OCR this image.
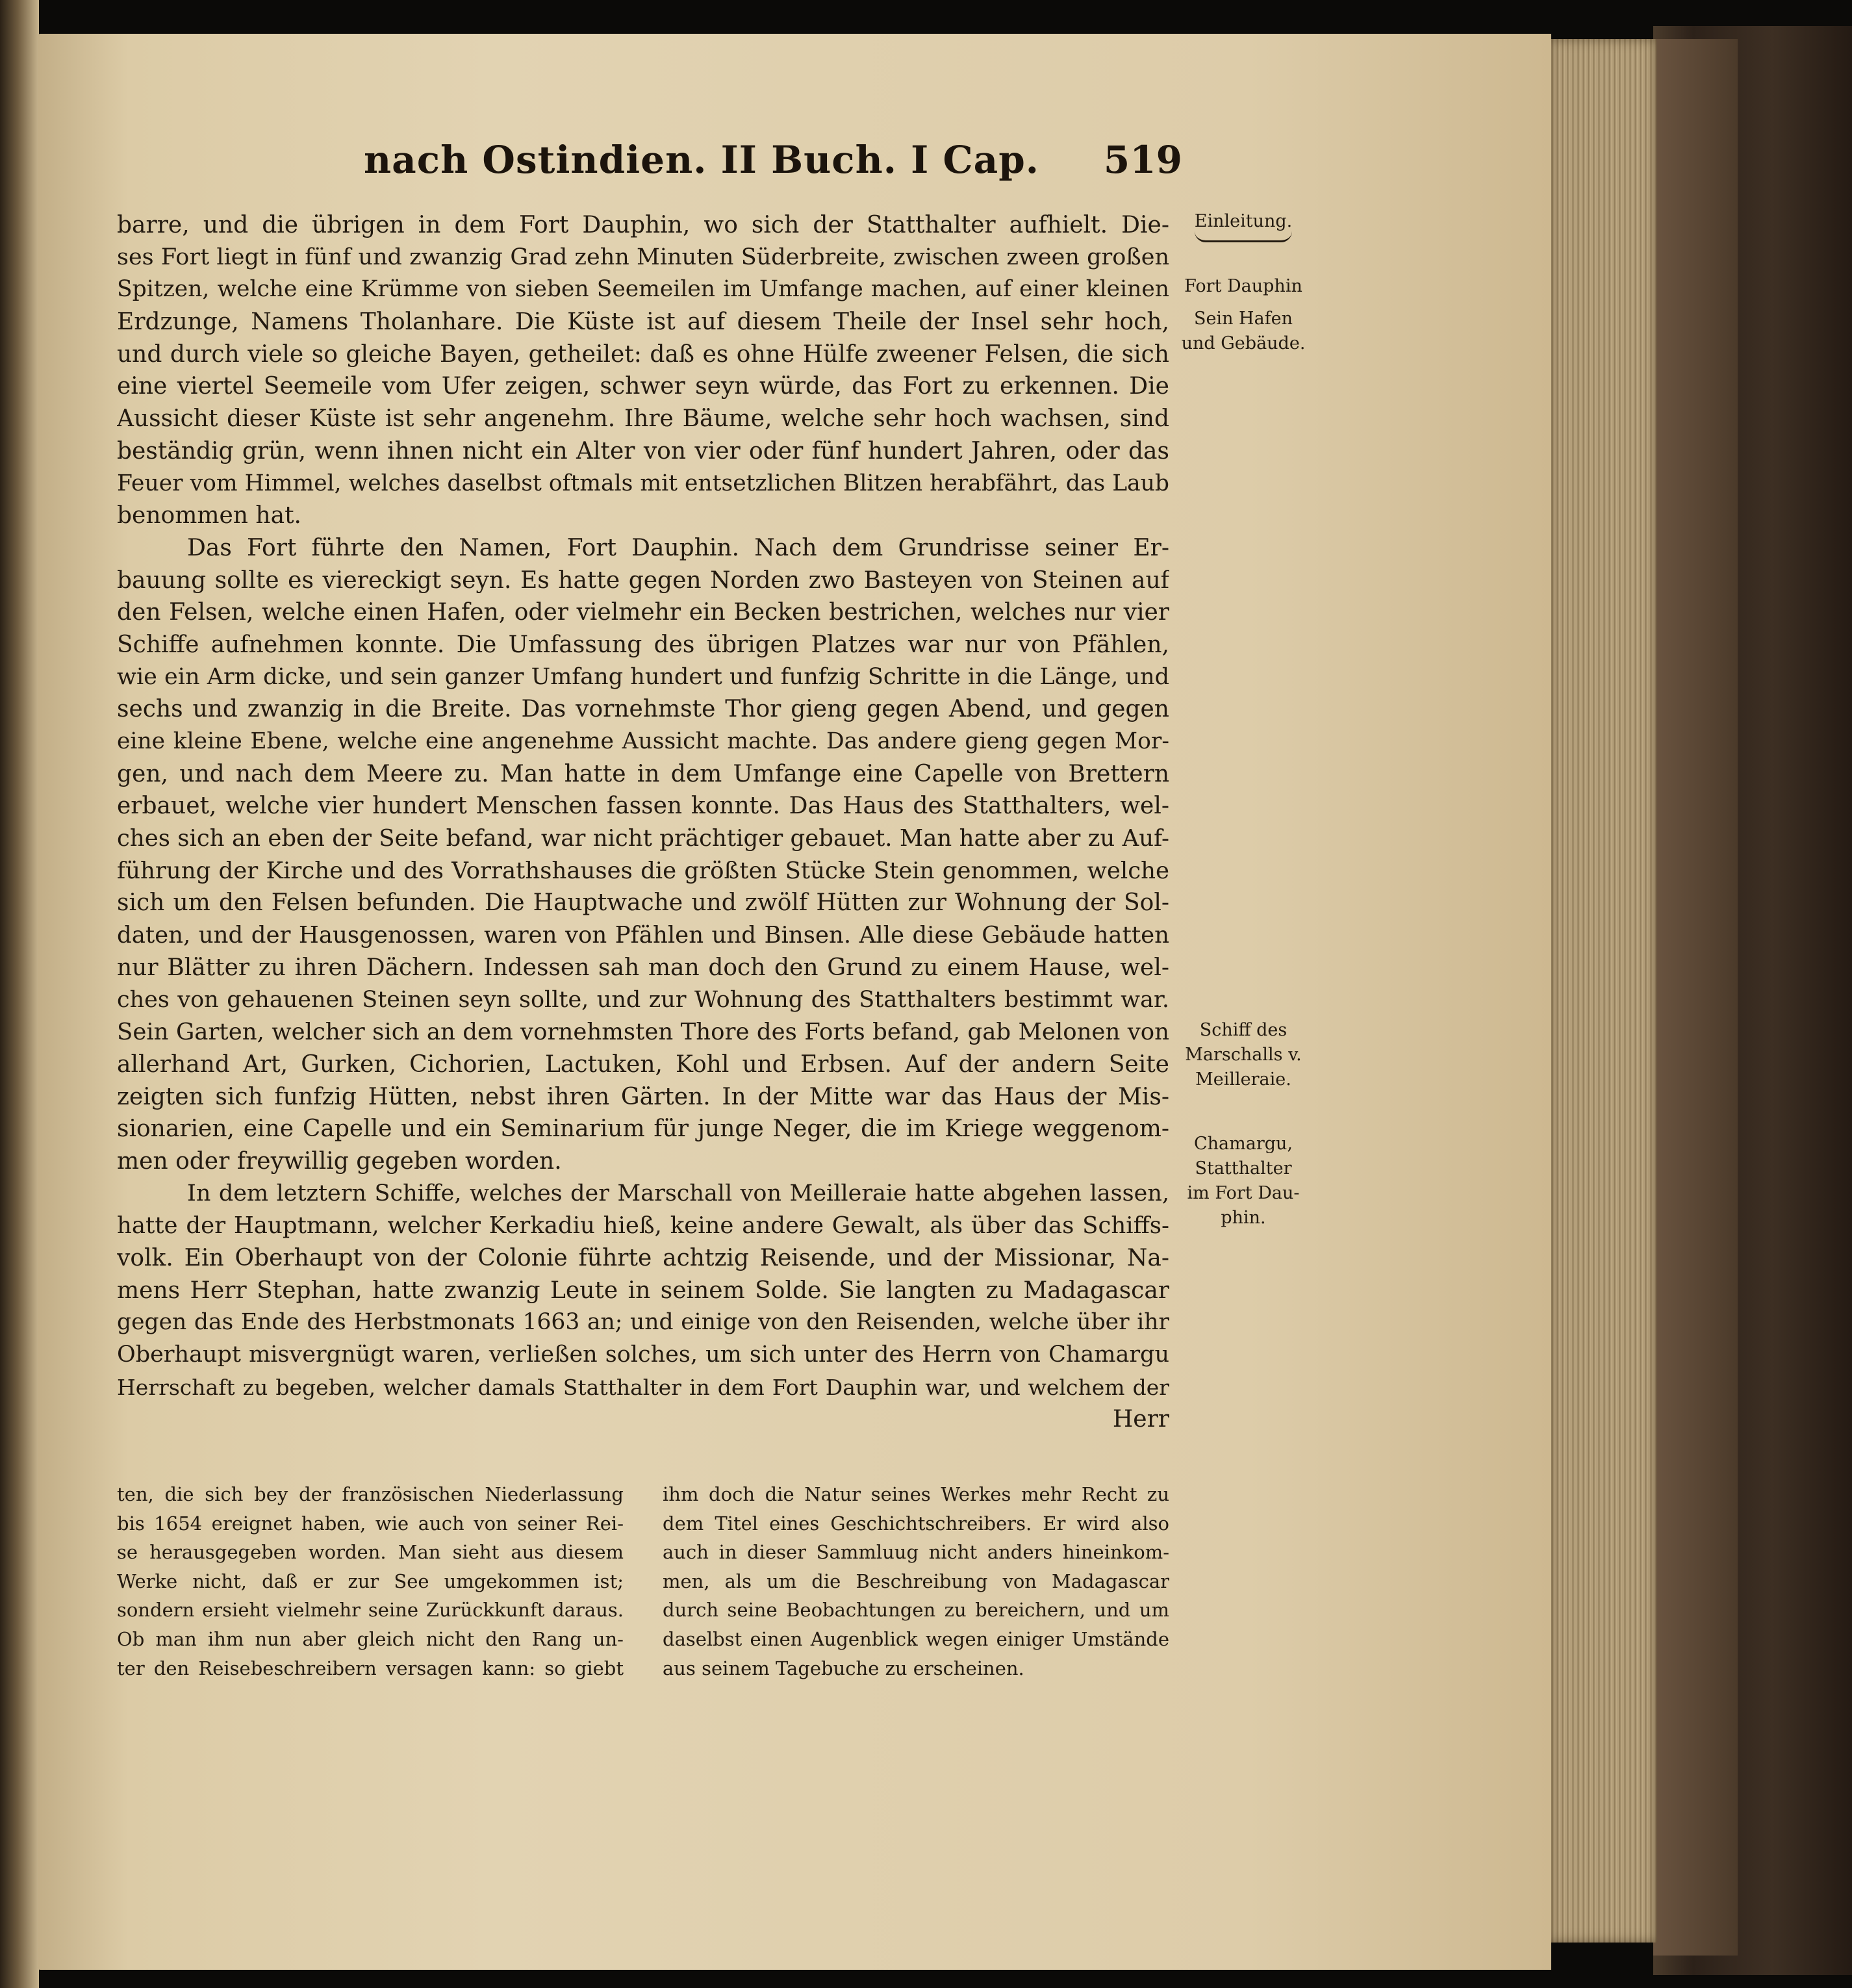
nach Ostindien. II Buch. I Cap. 519
barre, und die übrigen in dem Fort Dauphin, wo sich der Statthalter aufhielt. Die-
ses Fort liegt in fünf und zwanzig Grad zehn Minuten Süderbreite, zwischen zween großen
Spitzen, welche eine Krümme von sieben Seemeilen im Umfange machen, auf einer kleinen
Erdzunge, Namens Tholanhare. Die Küste ist auf diesem Theile der Insel sehr hoch,
und durch viele so gleiche Bayen, getheilet: daß es ohne Hülfe zweener Felsen, die sich
eine viertel Seemeile vom Ufer zeigen, schwer seyn würde, das Fort zu erkennen. Die
Aussicht dieser Küste ist sehr angenehm. Ihre Bäume, welche sehr hoch wachsen, sind
beständig grün, wenn ihnen nicht ein Alter von vier oder fünf hundert Jahren, oder das
Feuer vom Himmel, welches daselbst oftmals mit entsetzlichen Blitzen herabfährt, das Laub
benommen hat.
Das Fort führte den Namen, Fort Dauphin. Nach dem Grundrisse seiner Er-
bauung sollte es viereckigt seyn. Es hatte gegen Norden zwo Basteyen von Steinen auf
den Felsen, welche einen Hafen, oder vielmehr ein Becken bestrichen, welches nur vier
Schiffe aufnehmen konnte. Die Umfassung des übrigen Platzes war nur von Pfählen,
wie ein Arm dicke, und sein ganzer Umfang hundert und funfzig Schritte in die Länge, und
sechs und zwanzig in die Breite. Das vornehmste Thor gieng gegen Abend, und gegen
eine kleine Ebene, welche eine angenehme Aussicht machte. Das andere gieng gegen Mor-
gen, und nach dem Meere zu. Man hatte in dem Umfange eine Capelle von Brettern
erbauet, welche vier hundert Menschen fassen konnte. Das Haus des Statthalters, wel-
ches sich an eben der Seite befand, war nicht prächtiger gebauet. Man hatte aber zu Auf-
führung der Kirche und des Vorrathshauses die größten Stücke Stein genommen, welche
sich um den Felsen befunden. Die Hauptwache und zwölf Hütten zur Wohnung der Sol-
daten, und der Hausgenossen, waren von Pfählen und Binsen. Alle diese Gebäude hatten
nur Blätter zu ihren Dächern. Indessen sah man doch den Grund zu einem Hause, wel-
ches von gehauenen Steinen seyn sollte, und zur Wohnung des Statthalters bestimmt war.
Sein Garten, welcher sich an dem vornehmsten Thore des Forts befand, gab Melonen von
allerhand Art, Gurken, Cichorien, Lactuken, Kohl und Erbsen. Auf der andern Seite
zeigten sich funfzig Hütten, nebst ihren Gärten. In der Mitte war das Haus der Mis-
sionarien, eine Capelle und ein Seminarium für junge Neger, die im Kriege weggenom-
men oder freywillig gegeben worden.
In dem letztern Schiffe, welches der Marschall von Meilleraie hatte abgehen lassen,
hatte der Hauptmann, welcher Kerkadiu hieß, keine andere Gewalt, als über das Schiffs-
volk. Ein Oberhaupt von der Colonie führte achtzig Reisende, und der Missionar, Na-
mens Herr Stephan, hatte zwanzig Leute in seinem Solde. Sie langten zu Madagascar
gegen das Ende des Herbstmonats 1663 an; und einige von den Reisenden, welche über ihr
Oberhaupt misvergnügt waren, verließen solches, um sich unter des Herrn von Chamargu
Herrschaft zu begeben, welcher damals Statthalter in dem Fort Dauphin war, und welchem der
Herr
Einleitung.
Fort Dauphin
Sein Hafen
und Gebäude.
Schiff des
Marschalls v.
Meilleraie.
Chamargu,
Statthalter
im Fort Dau-
phin.
ten, die sich bey der französischen Niederlassung
bis 1654 ereignet haben, wie auch von seiner Rei-
se herausgegeben worden. Man sieht aus diesem
Werke nicht, daß er zur See umgekommen ist;
sondern ersieht vielmehr seine Zurückkunft daraus.
Ob man ihm nun aber gleich nicht den Rang un-
ter den Reisebeschreibern versagen kann: so giebt
ihm doch die Natur seines Werkes mehr Recht zu
dem Titel eines Geschichtschreibers. Er wird also
auch in dieser Sammluug nicht anders hineinkom-
men, als um die Beschreibung von Madagascar
durch seine Beobachtungen zu bereichern, und um
daselbst einen Augenblick wegen einiger Umstände
aus seinem Tagebuche zu erscheinen.
